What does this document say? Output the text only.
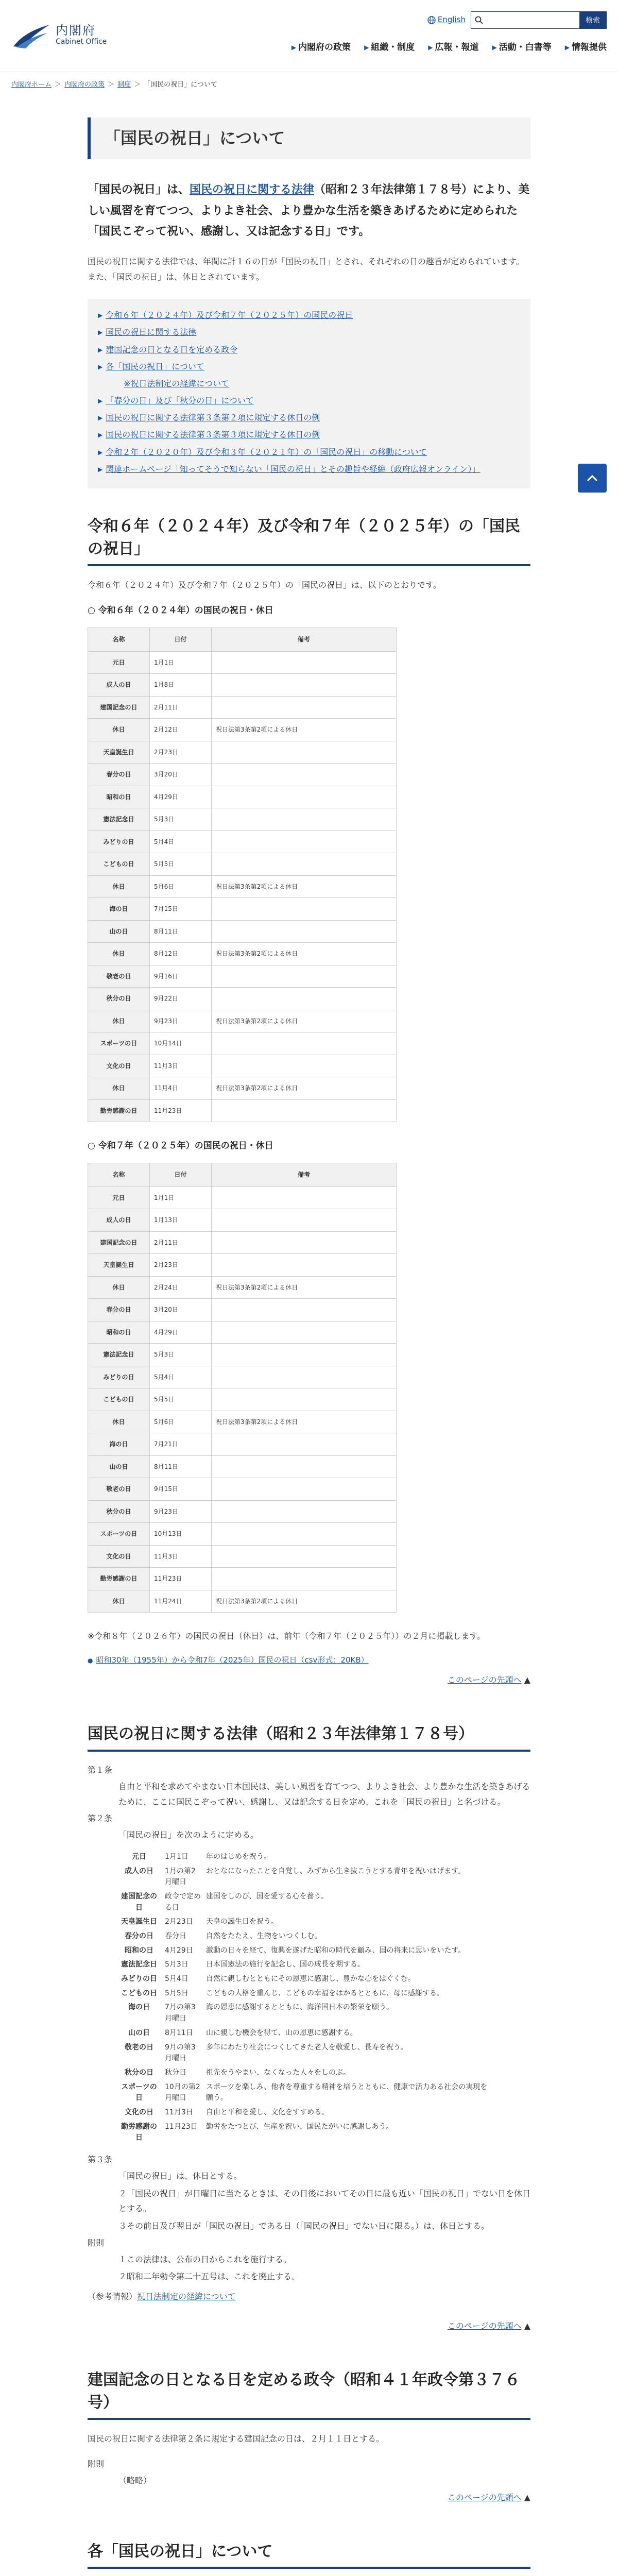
内閣府
Cabinet Office
English	検索
▶ 内閣府の政策 ▶ 組織・制度 ▶ 広報・報道 ▶ 活動・白書等 ▶ 情報提供
内閣府ホーム ＞ 内閣府の政策 ＞ 制度 ＞ 「国民の祝日」について
「国民の祝日」について

「国民の祝日」は、国民の祝日に関する法律（昭和２３年法律第１７８号）により、美しい風習を育てつつ、よりよき社会、より豊かな生活を築きあげるために定められた「国民こぞって祝い、感謝し、又は記念する日」です。

国民の祝日に関する法律では、年間に計１６の日が「国民の祝日」とされ、それぞれの日の趣旨が定められています。また、「国民の祝日」は、休日とされています。

▶ 令和６年（２０２４年）及び令和７年（２０２５年）の国民の祝日
▶ 国民の祝日に関する法律
▶ 建国記念の日となる日を定める政令
▶ 各「国民の祝日」について
※祝日法制定の経緯について
▶ 「春分の日」及び「秋分の日」について
▶ 国民の祝日に関する法律第３条第２項に規定する休日の例
▶ 国民の祝日に関する法律第３条第３項に規定する休日の例
▶ 令和２年（２０２０年）及び令和３年（２０２１年）の「国民の祝日」の移動について
▶ 関連ホームページ「知ってそうで知らない「国民の祝日」とその趣旨や経緯（政府広報オンライン）」
令和６年（２０２４年）及び令和７年（２０２５年）の「国民の祝日」

令和６年（２０２４年）及び令和７年（２０２５年）の「国民の祝日」は、以下のとおりです。

○ 令和６年（２０２４年）の国民の祝日・休日
名称	日付	備考
元日	1月1日	
成人の日	1月8日	
建国記念の日	2月11日	
休日	2月12日	祝日法第3条第2項による休日
天皇誕生日	2月23日	
春分の日	3月20日	
昭和の日	4月29日	
憲法記念日	5月3日	
みどりの日	5月4日	
こどもの日	5月5日	
休日	5月6日	祝日法第3条第2項による休日
海の日	7月15日	
山の日	8月11日	
休日	8月12日	祝日法第3条第2項による休日
敬老の日	9月16日	
秋分の日	9月22日	
休日	9月23日	祝日法第3条第2項による休日
スポーツの日	10月14日	
文化の日	11月3日	
休日	11月4日	祝日法第3条第2項による休日
勤労感謝の日	11月23日	
○ 令和７年（２０２５年）の国民の祝日・休日
名称	日付	備考
元日	1月1日	
成人の日	1月13日	
建国記念の日	2月11日	
天皇誕生日	2月23日	
休日	2月24日	祝日法第3条第2項による休日
春分の日	3月20日	
昭和の日	4月29日	
憲法記念日	5月3日	
みどりの日	5月4日	
こどもの日	5月5日	
休日	5月6日	祝日法第3条第2項による休日
海の日	7月21日	
山の日	8月11日	
敬老の日	9月15日	
秋分の日	9月23日	
スポーツの日	10月13日	
文化の日	11月3日	
勤労感謝の日	11月23日	
休日	11月24日	祝日法第3条第2項による休日

※令和８年（２０２６年）の国民の祝日（休日）は、前年（令和７年（２０２５年））の２月に掲載します。

● 昭和30年（1955年）から令和7年（2025年）国民の祝日（csv形式：20KB）
このページの先頭へ ▲
国民の祝日に関する法律（昭和２３年法律第１７８号）
第１条
自由と平和を求めてやまない日本国民は、美しい風習を育てつつ、よりよき社会、より豊かな生活を築きあげるために、ここに国民こぞって祝い、感謝し、又は記念する日を定め、これを「国民の祝日」と名づける。
第２条
「国民の祝日」を次のように定める。
元日	1月1日	年のはじめを祝う。
成人の日	1月の第2月曜日	おとなになったことを自覚し、みずから生き抜こうとする青年を祝いはげます。
建国記念の日	政令で定める日	建国をしのび、国を愛する心を養う。
天皇誕生日	2月23日	天皇の誕生日を祝う。
春分の日	春分日	自然をたたえ、生物をいつくしむ。
昭和の日	4月29日	激動の日々を経て、復興を遂げた昭和の時代を顧み、国の将来に思いをいたす。
憲法記念日	5月3日	日本国憲法の施行を記念し、国の成長を期する。
みどりの日	5月4日	自然に親しむとともにその恩恵に感謝し、豊かな心をはぐくむ。
こどもの日	5月5日	こどもの人格を重んじ、こどもの幸福をはかるとともに、母に感謝する。
海の日	7月の第3月曜日	海の恩恵に感謝するとともに、海洋国日本の繁栄を願う。
山の日	8月11日	山に親しむ機会を得て、山の恩恵に感謝する。
敬老の日	9月の第3月曜日	多年にわたり社会につくしてきた老人を敬愛し、長寿を祝う。
秋分の日	秋分日	祖先をうやまい、なくなった人々をしのぶ。
スポーツの日	10月の第2月曜日	スポーツを楽しみ、他者を尊重する精神を培うとともに、健康で活力ある社会の実現を願う。
文化の日	11月3日	自由と平和を愛し、文化をすすめる。
勤労感謝の日	11月23日	勤労をたつとび、生産を祝い、国民たがいに感謝しあう。
第３条
「国民の祝日」は、休日とする。
２「国民の祝日」が日曜日に当たるときは、その日後においてその日に最も近い「国民の祝日」でない日を休日とする。
３その前日及び翌日が「国民の祝日」である日（「国民の祝日」でない日に限る。）は、休日とする。
附則
１この法律は、公布の日からこれを施行する。
２昭和二年勅令第二十五号は、これを廃止する。

（参考情報）祝日法制定の経緯について

このページの先頭へ ▲
建国記念の日となる日を定める政令（昭和４１年政令第３７６号）

国民の祝日に関する法律第２条に規定する建国記念の日は、２月１１日とする。

附則
（略略）
このページの先頭へ ▲
各「国民の祝日」について
